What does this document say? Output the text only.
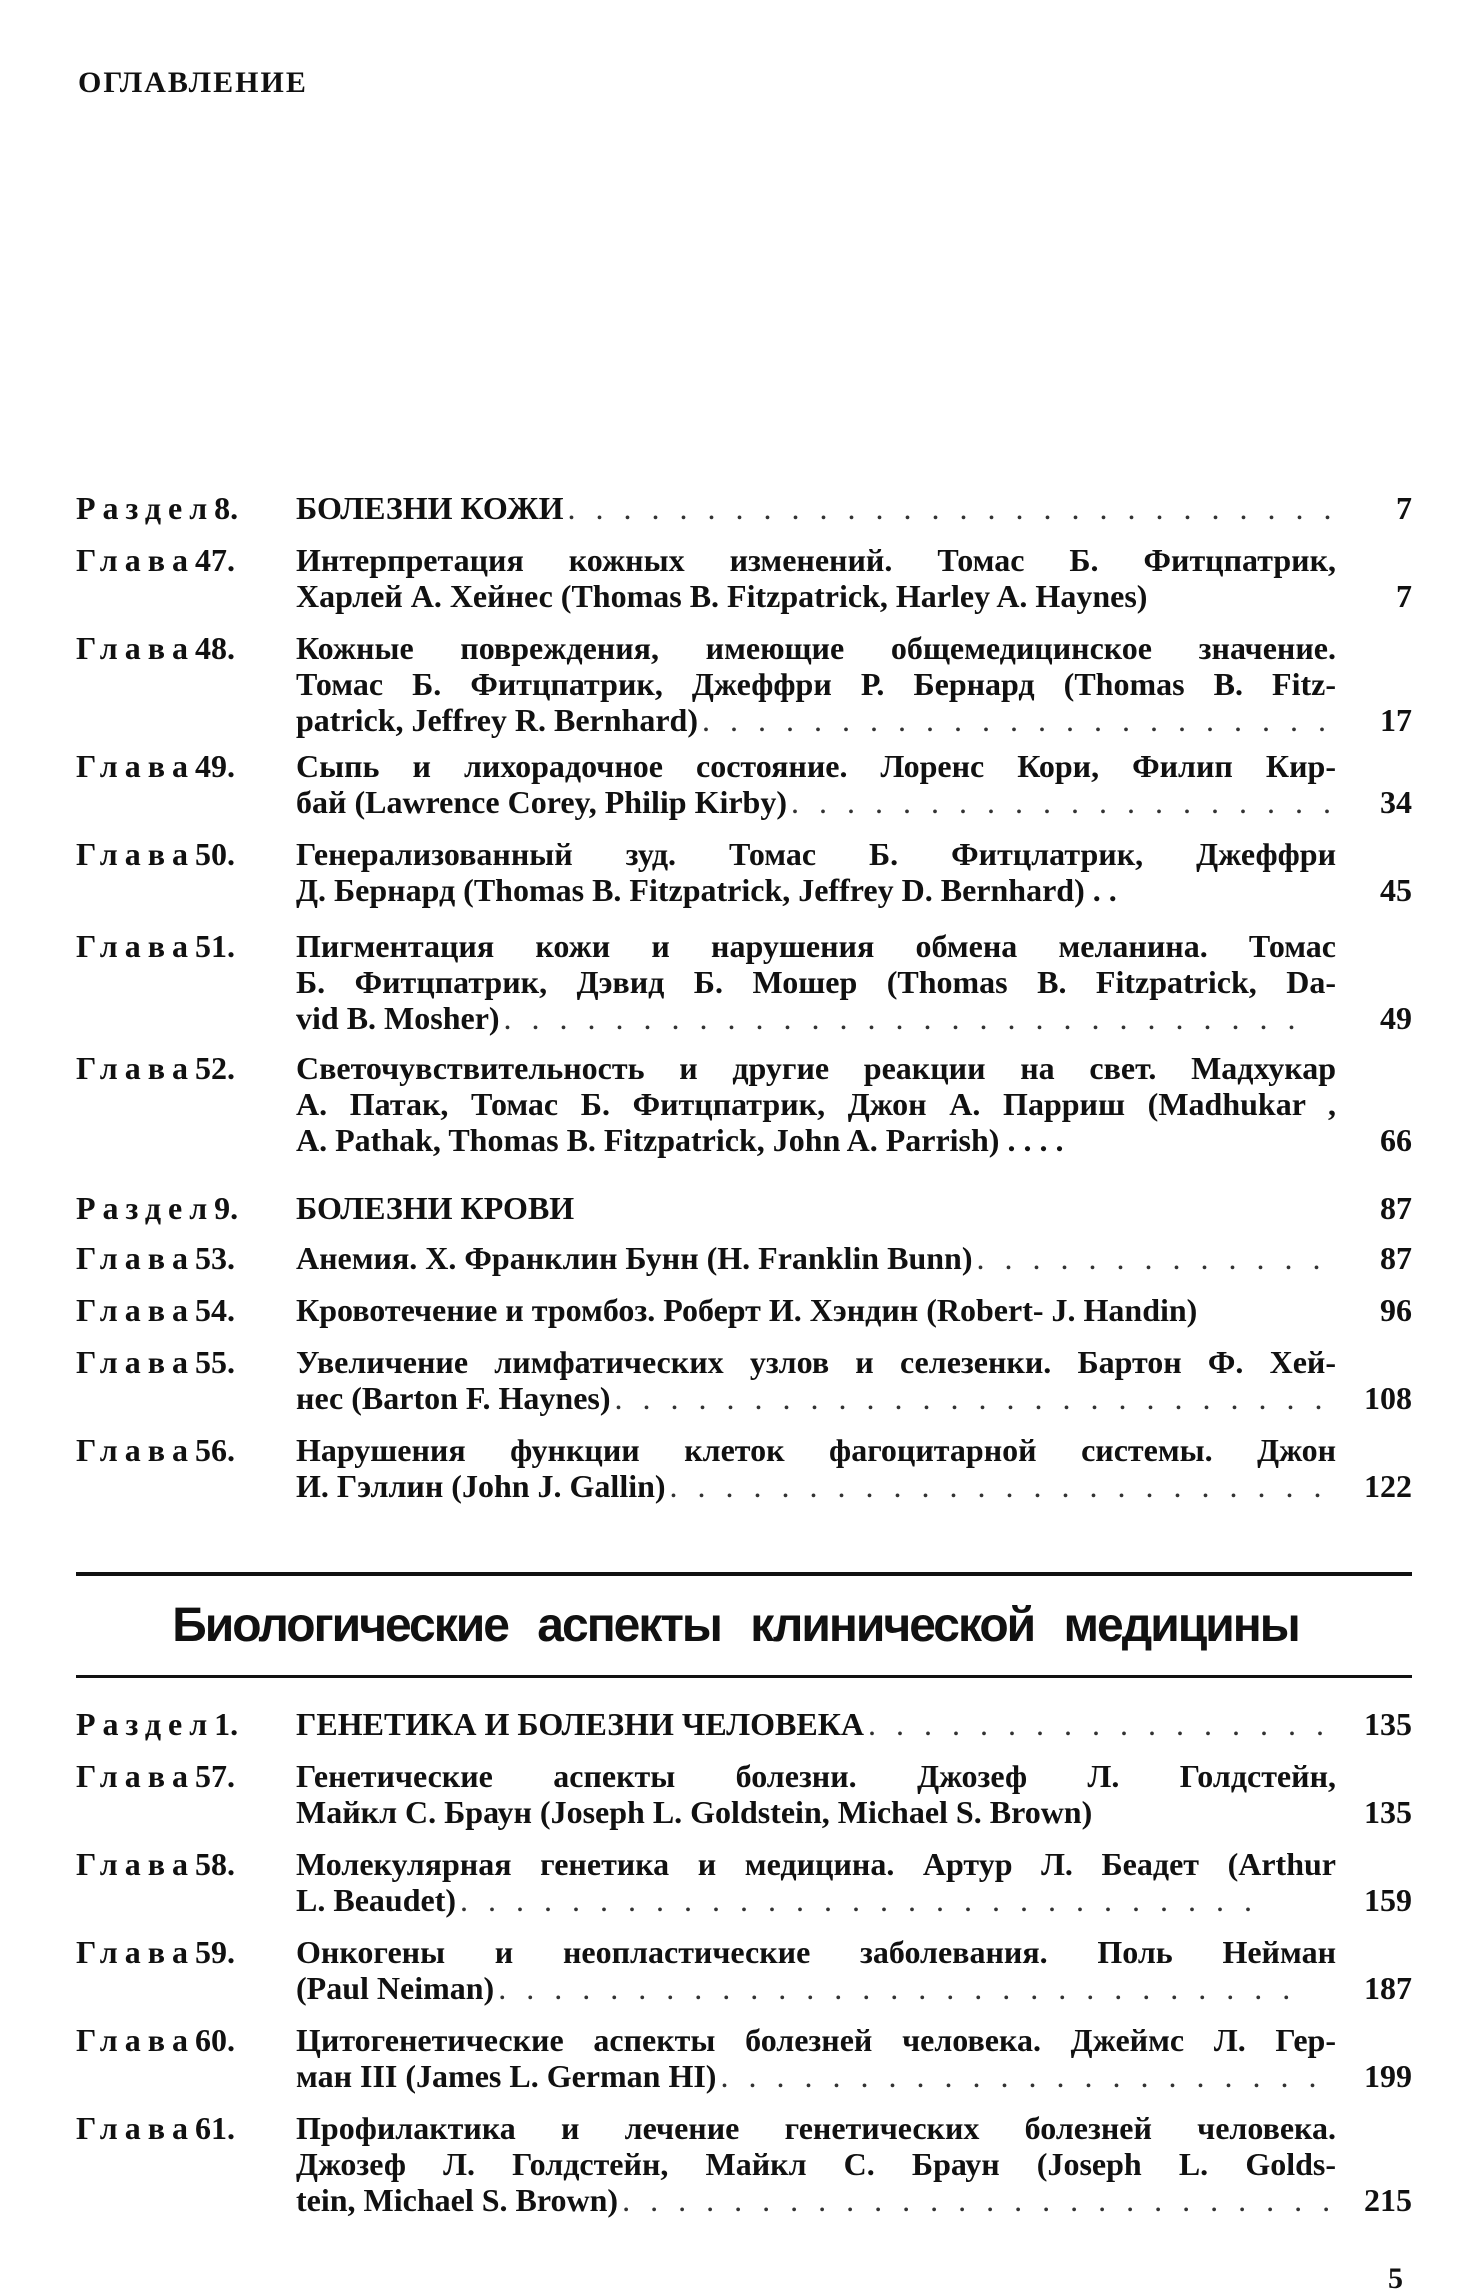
ОГЛАВЛЕНИЕ
Раздел8. БОЛЕЗНИ КОЖИ . .	7
Глава47. Интерпретация кожных изменений. Томас Б. Фитцпатрик,
Харлей А. Хейнес (Thomas B. Fitzpatrick, Harley A. Haynes)	7
Глава48. Кожные повреждения, имеющие общемедицинское значение.
Томас Б. Фитцпатрик, Джеффри Р. Бернард (Thomas B. Fitz-
patrick, Jeffrey R. Bernhard) . .	17
Глава49. Сыпь и лихорадочное состояние. Лоренс Кори, Филип Кир-
бай (Lawrence Corey, Philip Kirby) . .	34
Глава50. Генерализованный зуд. Томас Б. Фитцлатрик, Джеффри
Д. Бернард (Thomas B. Fitzpatrick, Jeffrey D. Bernhard) . .	45
Глава51. Пигментация кожи и нарушения обмена меланина. Томас
Б. Фитцпатрик, Дэвид Б. Мошер (Thomas B. Fitzpatrick, Da-
vid B. Mosher) . .	49
Глава52. Светочувствительность и другие реакции на свет. Мадхукар
А. Патак, Томас Б. Фитцпатрик, Джон А. Парриш (Madhukar ,
A. Pathak, Thomas B. Fitzpatrick, John A. Parrish) . . . .	66
Раздел9. БОЛЕЗНИ КРОВИ	87
Глава53. Анемия. X. Франклин Бунн (H. Franklin Bunn) . .	87
Глава54. Кровотечение и тромбоз. Роберт И. Хэндин (Robert- J. Handin)	96
Глава55. Увеличение лимфатических узлов и селезенки. Бартон Ф. Хей-
нес (Barton F. Haynes) . .	108
Глава56. Нарушения функции клеток фагоцитарной системы. Джон
И. Гэллин (John J. Gallin) . .	122
Раздел1. ГЕНЕТИКА И БОЛЕЗНИ ЧЕЛОВЕКА . .	135
Глава57. Генетические аспекты болезни. Джозеф Л. Голдстейн,
Майкл С. Браун (Joseph L. Goldstein, Michael S. Brown)	135
Глава58. Молекулярная генетика и медицина. Артур Л. Беадет (Arthur
L. Beaudet) . .	159
Глава59. Онкогены и неопластические заболевания. Поль Нейман
(Paul Neiman) . .	187
Глава60. Цитогенетические аспекты болезней человека. Джеймс Л. Гер-
ман III (James L. German HI) . .	199
Глава61. Профилактика и лечение генетических болезней человека.
Джозеф Л. Голдстейн, Майкл С. Браун (Joseph L. Golds-
tein, Michael S. Brown) . .	215
Биологические аспекты клинической медицины
5
